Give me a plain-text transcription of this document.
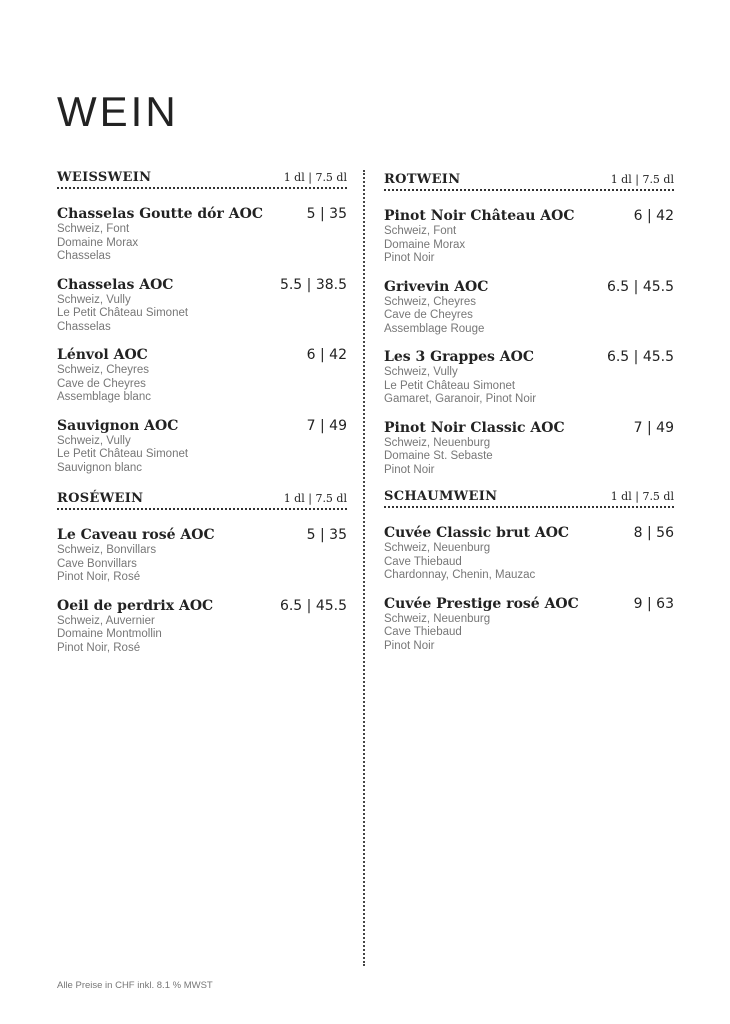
WEIN
WEISSWEIN	1 dl | 7.5 dl
Chasselas Goutte dór AOC	5 | 35
Schweiz, Font
Domaine Morax
Chasselas
Chasselas AOC	5.5 | 38.5
Schweiz, Vully
Le Petit Château Simonet
Chasselas
Lénvol AOC	6 | 42
Schweiz, Cheyres
Cave de Cheyres
Assemblage blanc
Sauvignon AOC	7 | 49
Schweiz, Vully
Le Petit Château Simonet
Sauvignon blanc
ROSÉWEIN	1 dl | 7.5 dl
Le Caveau rosé AOC	5 | 35
Schweiz, Bonvillars
Cave Bonvillars
Pinot Noir, Rosé
Oeil de perdrix AOC	6.5 | 45.5
Schweiz, Auvernier
Domaine Montmollin
Pinot Noir, Rosé
ROTWEIN	1 dl | 7.5 dl
Pinot Noir Château AOC	6 | 42
Schweiz, Font
Domaine Morax
Pinot Noir
Grivevin AOC	6.5 | 45.5
Schweiz, Cheyres
Cave de Cheyres
Assemblage Rouge
Les 3 Grappes AOC	6.5 | 45.5
Schweiz, Vully
Le Petit Château Simonet
Gamaret, Garanoir, Pinot Noir
Pinot Noir Classic AOC	7 | 49
Schweiz, Neuenburg
Domaine St. Sebaste
Pinot Noir
SCHAUMWEIN	1 dl | 7.5 dl
Cuvée Classic brut AOC	8 | 56
Schweiz, Neuenburg
Cave Thiebaud
Chardonnay, Chenin, Mauzac
Cuvée Prestige rosé AOC	9 | 63
Schweiz, Neuenburg
Cave Thiebaud
Pinot Noir
Alle Preise in CHF inkl. 8.1 % MWST
